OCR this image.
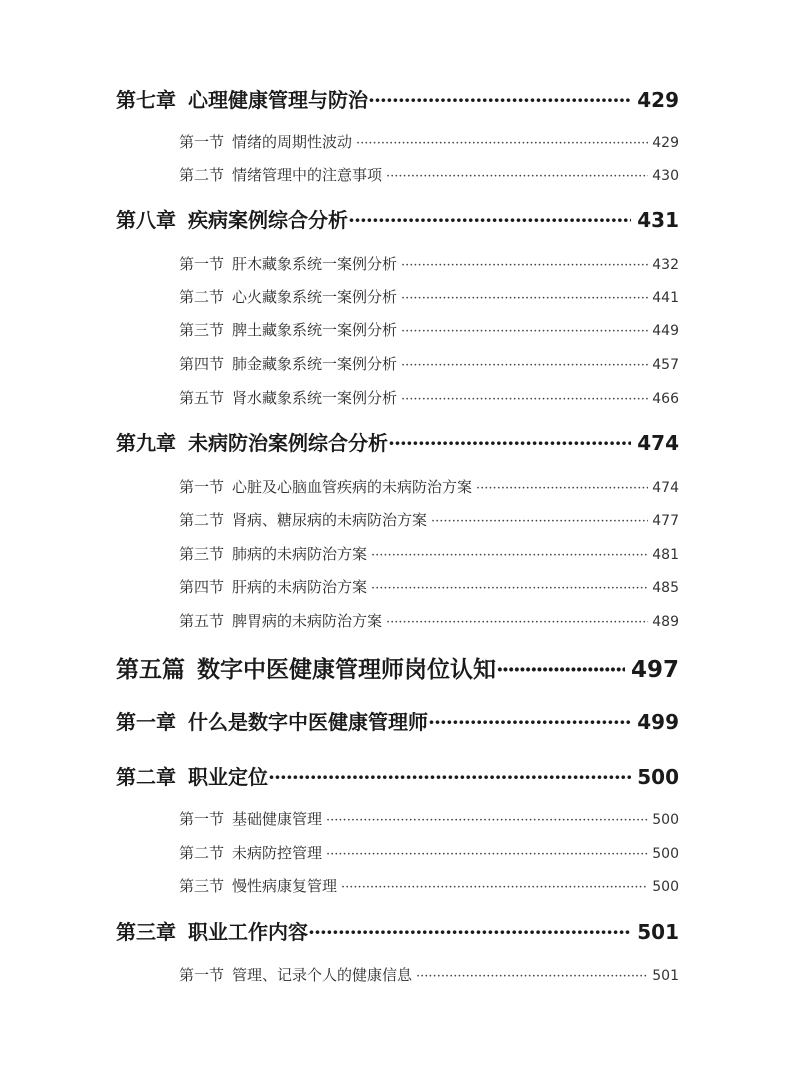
第七章 心理健康管理与防治 ·····	429
第一节 情绪的周期性波动 ·····	429
第二节 情绪管理中的注意事项 ·····	430
第八章 疾病案例综合分析 ·····	431
第一节 肝木藏象系统一案例分析 ·····	432
第二节 心火藏象系统一案例分析 ·····	441
第三节 脾土藏象系统一案例分析 ·····	449
第四节 肺金藏象系统一案例分析 ·····	457
第五节 肾水藏象系统一案例分析 ·····	466
第九章 未病防治案例综合分析 ·····	474
第一节 心脏及心脑血管疾病的未病防治方案 ·····	474
第二节 肾病、糖尿病的未病防治方案 ·····	477
第三节 肺病的未病防治方案 ·····	481
第四节 肝病的未病防治方案 ·····	485
第五节 脾胃病的未病防治方案 ·····	489
第五篇 数字中医健康管理师岗位认知 ·····	497
第一章 什么是数字中医健康管理师 ·····	499
第二章 职业定位 ·····	500
第一节 基础健康管理 ·····	500
第二节 未病防控管理 ·····	500
第三节 慢性病康复管理 ·····	500
第三章 职业工作内容 ·····	501
第一节 管理、记录个人的健康信息 ·····	501
